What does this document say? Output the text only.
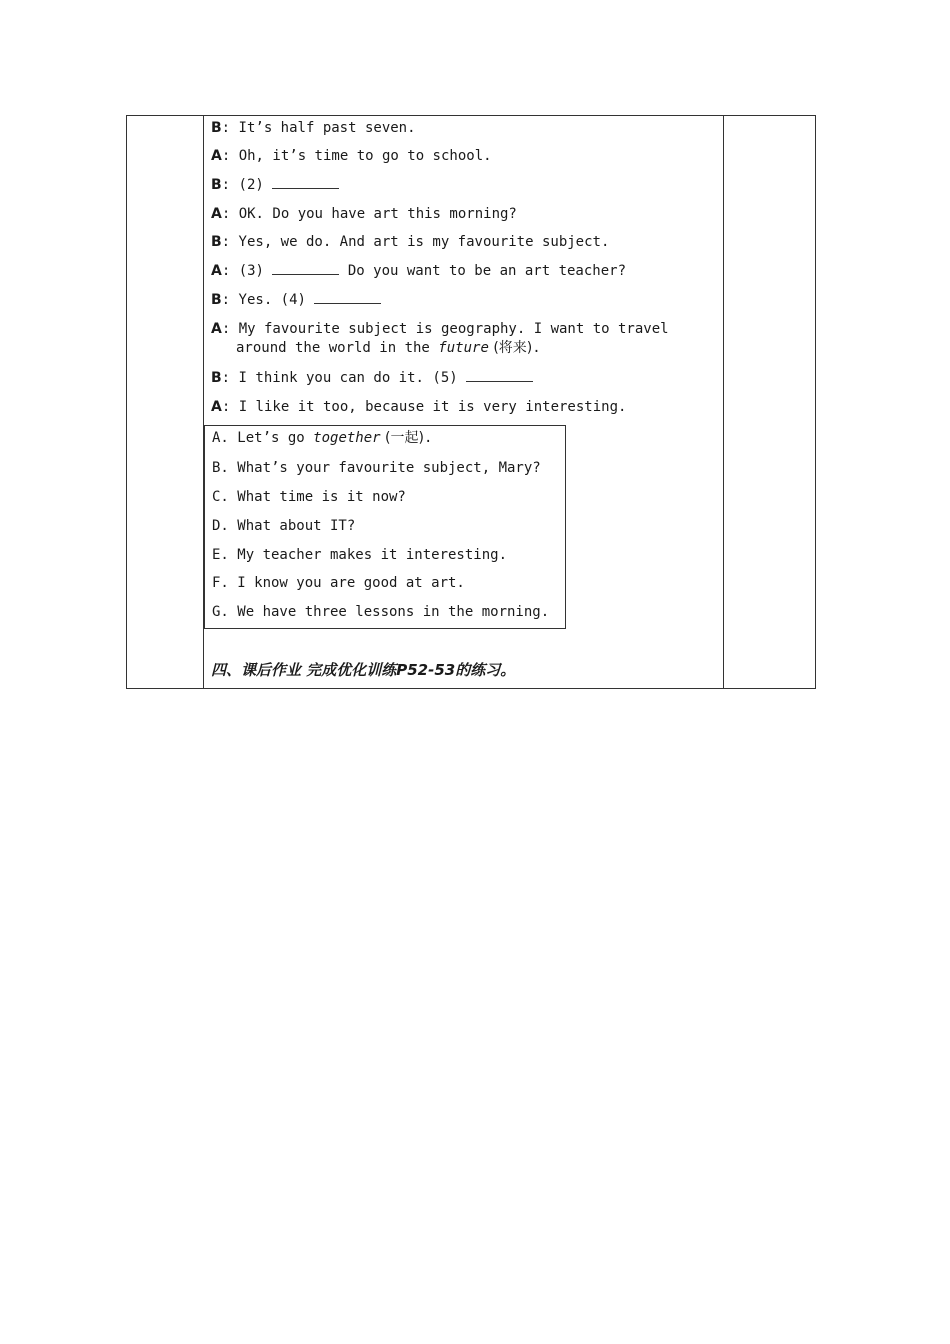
B: It’s half past seven.
A: Oh, it’s time to go to school.
B: (2)
A: OK. Do you have art this morning?
B: Yes, we do. And art is my favourite subject.
A: (3)	Do you want to be an art teacher?
B: Yes. (4)
A: My favourite subject is geography. I want to travel
around the world in the future (将来).
B: I think you can do it. (5)
A: I like it too, because it is very interesting.
A. Let’s go together (一起).
B. What’s your favourite subject, Mary?
C. What time is it now?
D. What about IT?
E. My teacher makes it interesting.
F. I know you are good at art.
G. We have three lessons in the morning.
四、课后作业 完成优化训练P52-53的练习。
